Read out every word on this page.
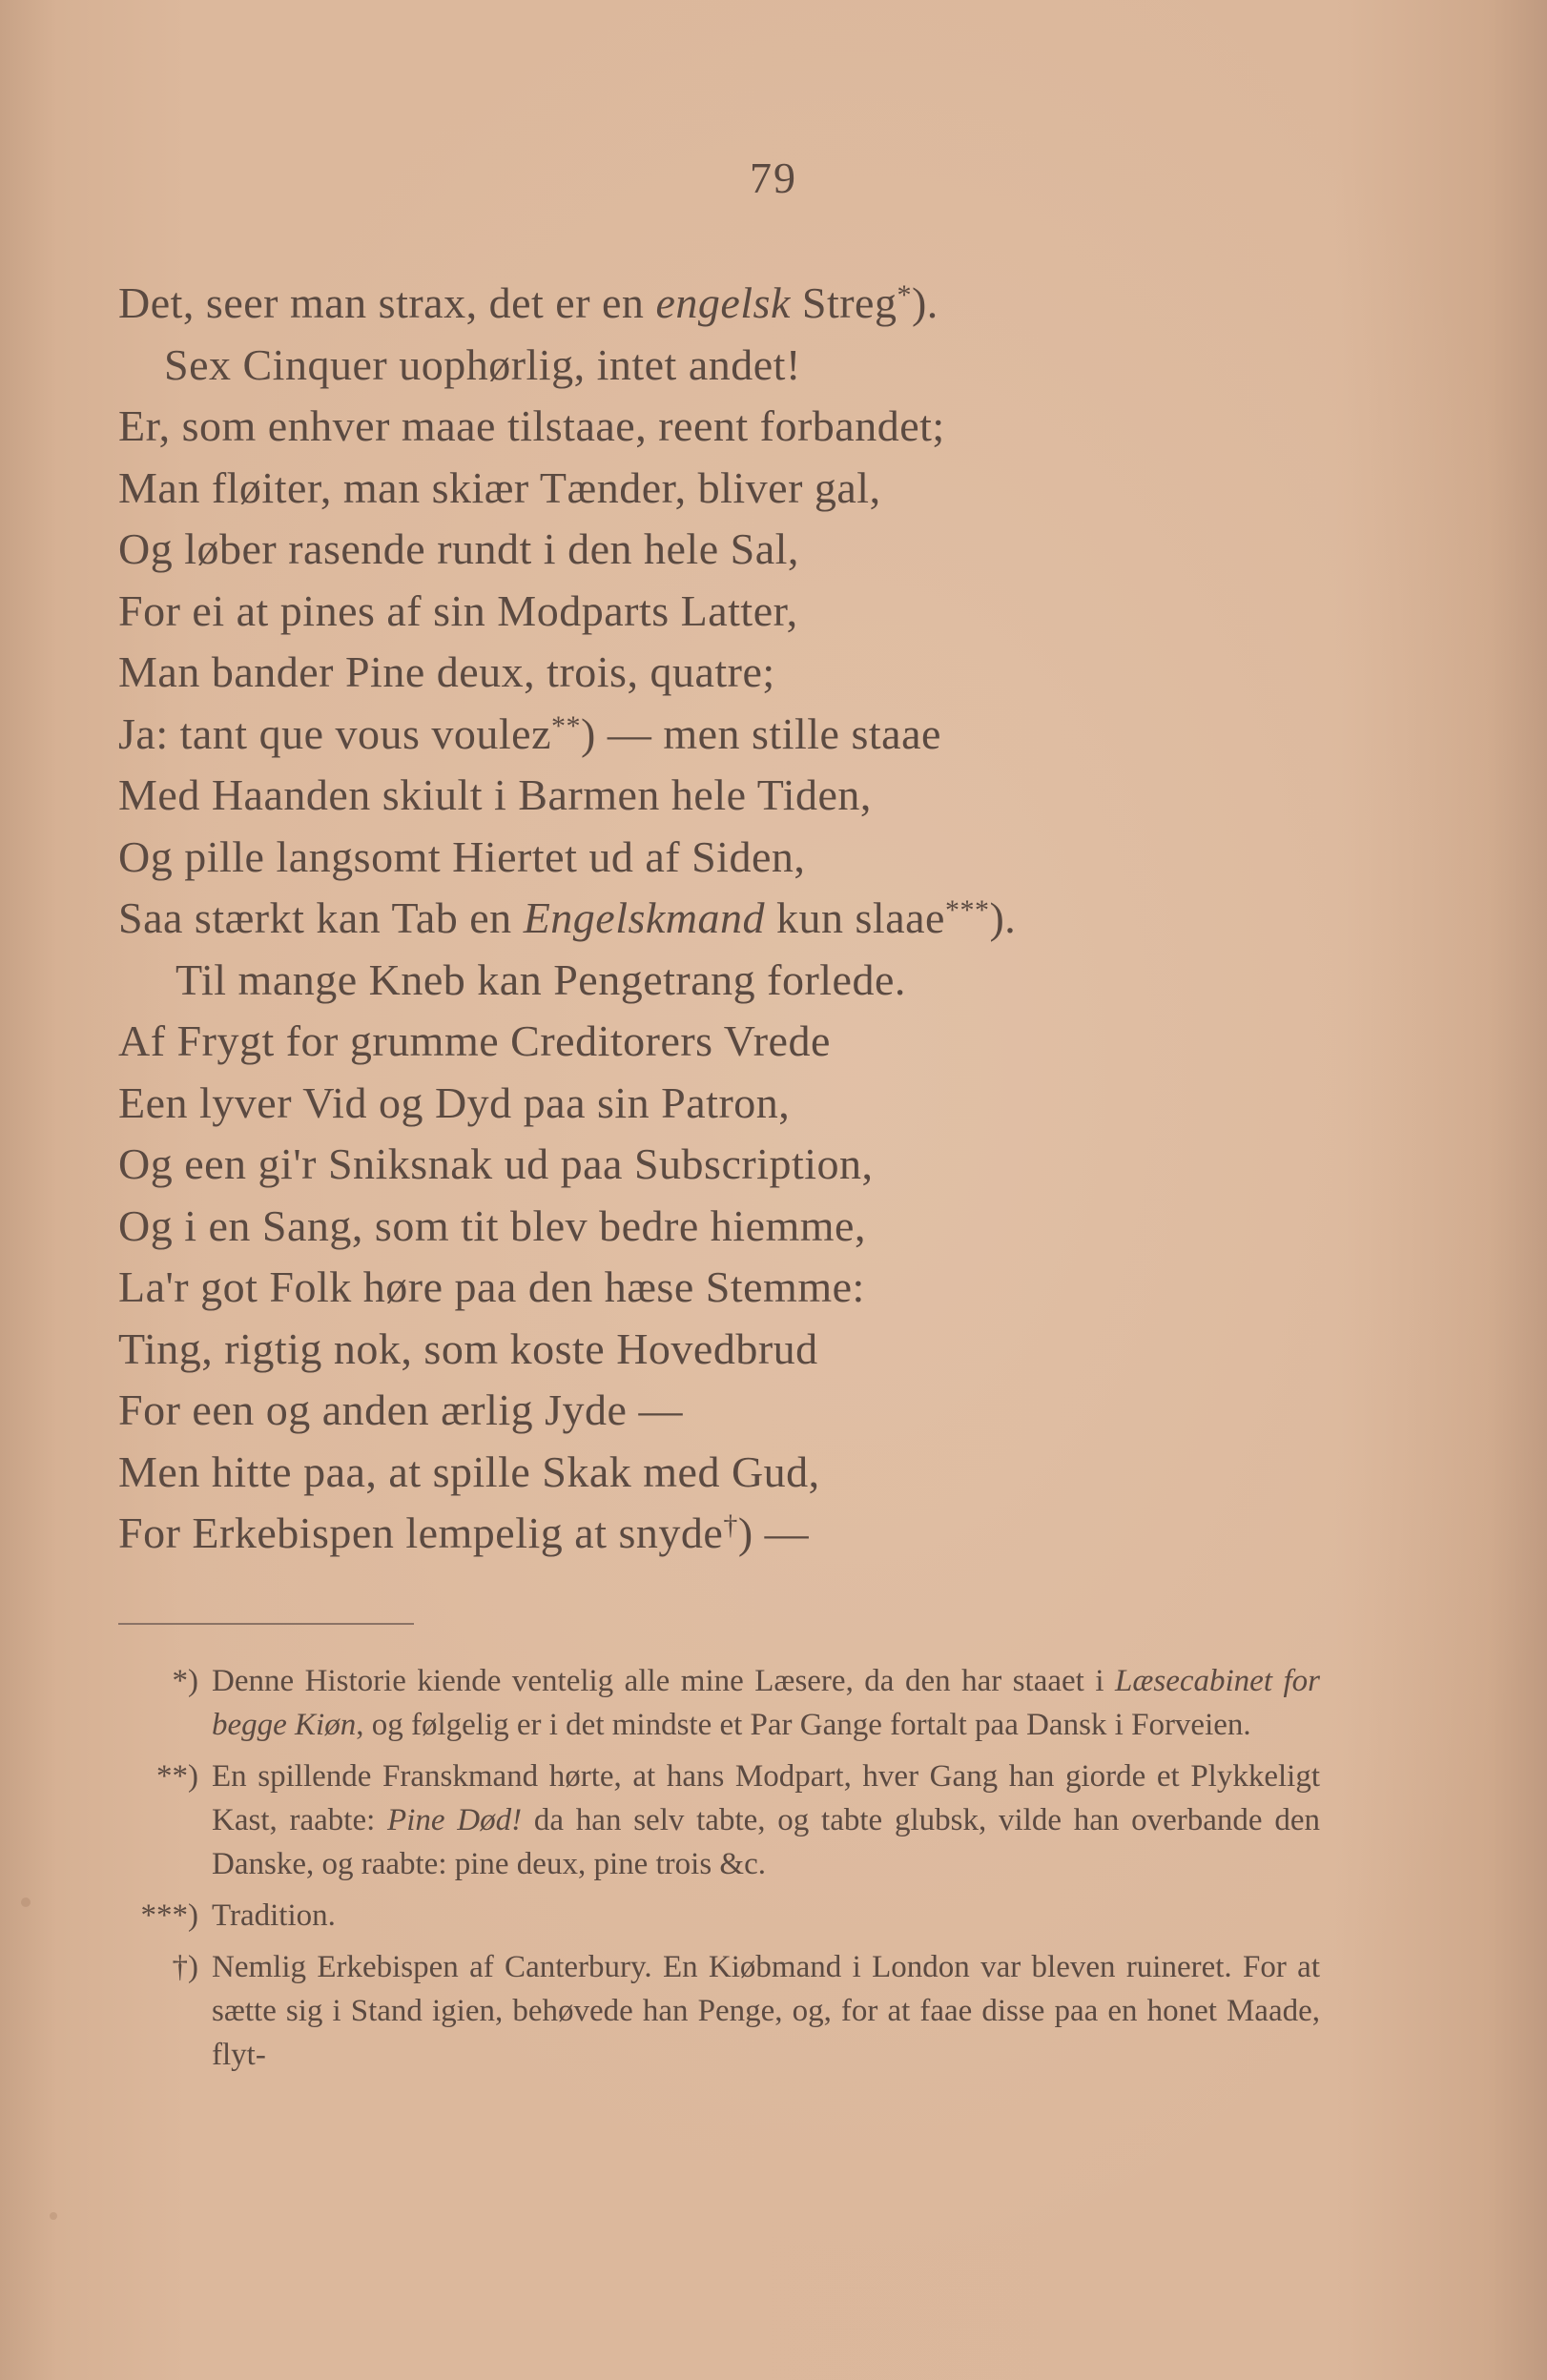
79
Det, seer man strax, det er en engelsk Streg*).
Sex Cinquer uophørlig, intet andet!
Er, som enhver maae tilstaae, reent forbandet;
Man fløiter, man skiær Tænder, bliver gal,
Og løber rasende rundt i den hele Sal,
For ei at pines af sin Modparts Latter,
Man bander Pine deux, trois, quatre;
Ja: tant que vous voulez**) — men stille staae
Med Haanden skiult i Barmen hele Tiden,
Og pille langsomt Hiertet ud af Siden,
Saa stærkt kan Tab en Engelskmand kun slaae***).
Til mange Kneb kan Pengetrang forlede.
Af Frygt for grumme Creditorers Vrede
Een lyver Vid og Dyd paa sin Patron,
Og een gi'r Sniksnak ud paa Subscription,
Og i en Sang, som tit blev bedre hiemme,
La'r got Folk høre paa den hæse Stemme:
Ting, rigtig nok, som koste Hovedbrud
For een og anden ærlig Jyde —
Men hitte paa, at spille Skak med Gud,
For Erkebispen lempelig at snyde†) —
*) Denne Historie kiende ventelig alle mine Læsere, da den har staaet i Læsecabinet for begge Kiøn, og følgelig er i det mindste et Par Gange fortalt paa Dansk i Forveien.
**) En spillende Franskmand hørte, at hans Modpart, hver Gang han giorde et Plykkeligt Kast, raabte: Pine Død! da han selv tabte, og tabte glubsk, vilde han overbande den Danske, og raabte: pine deux, pine trois &c.
***) Tradition.
†) Nemlig Erkebispen af Canterbury. En Kiøbmand i London var bleven ruineret. For at sætte sig i Stand igien, behøvede han Penge, og, for at faae disse paa en honet Maade, flyt-
